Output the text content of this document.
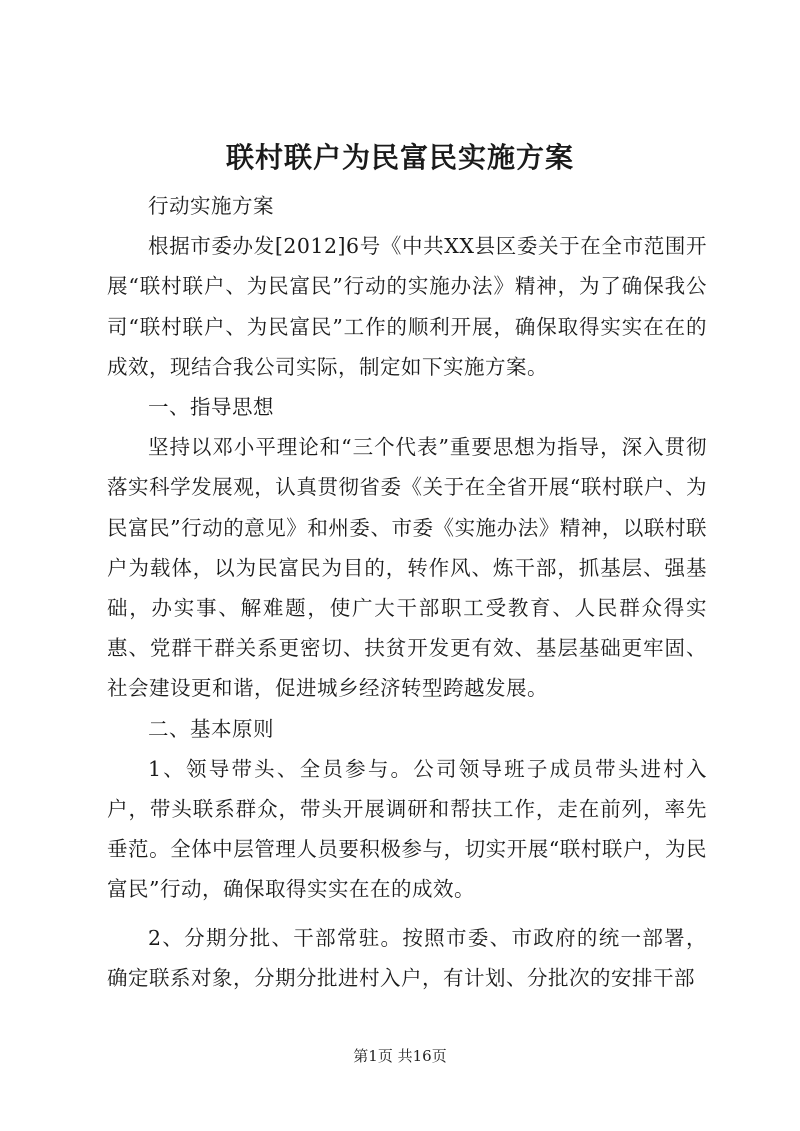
联村联户为民富民实施方案

行动实施方案

根据市委办发[2012]6号《中共XX县区委关于在全市范围开展“联村联户、为民富民”行动的实施办法》精神，为了确保我公司“联村联户、为民富民”工作的顺利开展，确保取得实实在在的成效，现结合我公司实际，制定如下实施方案。

一、指导思想

坚持以邓小平理论和“三个代表”重要思想为指导，深入贯彻落实科学发展观，认真贯彻省委《关于在全省开展“联村联户、为民富民”行动的意见》和州委、市委《实施办法》精神，以联村联户为载体，以为民富民为目的，转作风、炼干部，抓基层、强基础，办实事、解难题，使广大干部职工受教育、人民群众得实惠、党群干群关系更密切、扶贫开发更有效、基层基础更牢固、社会建设更和谐，促进城乡经济转型跨越发展。

二、基本原则

1、领导带头、全员参与。公司领导班子成员带头进村入户，带头联系群众，带头开展调研和帮扶工作，走在前列，率先垂范。全体中层管理人员要积极参与，切实开展“联村联户，为民富民”行动，确保取得实实在在的成效。

2、分期分批、干部常驻。按照市委、市政府的统一部署，确定联系对象，分期分批进村入户，有计划、分批次的安排干部

第1页 共16页
